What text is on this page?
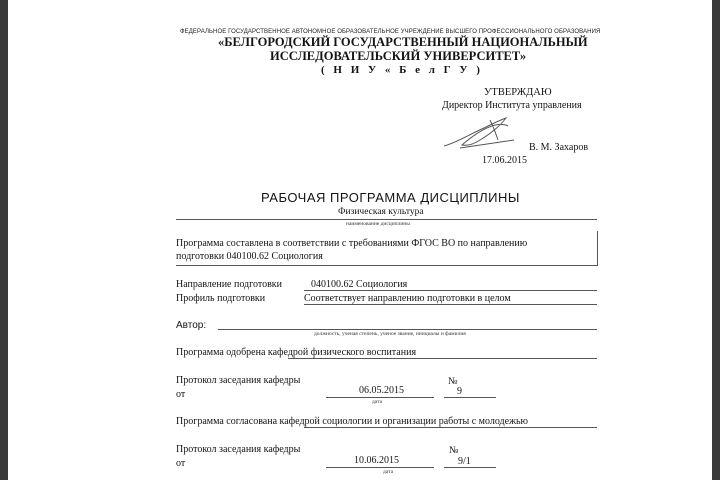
ФЕДЕРАЛЬНОЕ ГОСУДАРСТВЕННОЕ АВТОНОМНОЕ ОБРАЗОВАТЕЛЬНОЕ УЧРЕЖДЕНИЕ ВЫСШЕГО ПРОФЕССИОНАЛЬНОГО ОБРАЗОВАНИЯ
«БЕЛГОРОДСКИЙ ГОСУДАРСТВЕННЫЙ НАЦИОНАЛЬНЫЙ
ИССЛЕДОВАТЕЛЬСКИЙ УНИВЕРСИТЕТ»
( Н И У « Б е л Г У )
УТВЕРЖДАЮ
Директор Института управления
В. М. Захаров
17.06.2015
РАБОЧАЯ ПРОГРАММА ДИСЦИПЛИНЫ
Физическая культура
наименование дисциплины
Программа составлена в соответствии с требованиями ФГОС ВО по направлению
подготовки 040100.62 Социология
Направление подготовки	040100.62 Социология
Профиль подготовки	Соответствует направлению подготовки в целом
Автор:
должность, ученая степень, ученое звание, инициалы и фамилия
Программа одобрена кафедрой физического воспитания
Протокол заседания кафедры
от	06.05.2015
дата
№
9
Программа согласована кафедрой социологии и организации работы с молодежью
Протокол заседания кафедры
от	10.06.2015
дата
№
9/1
